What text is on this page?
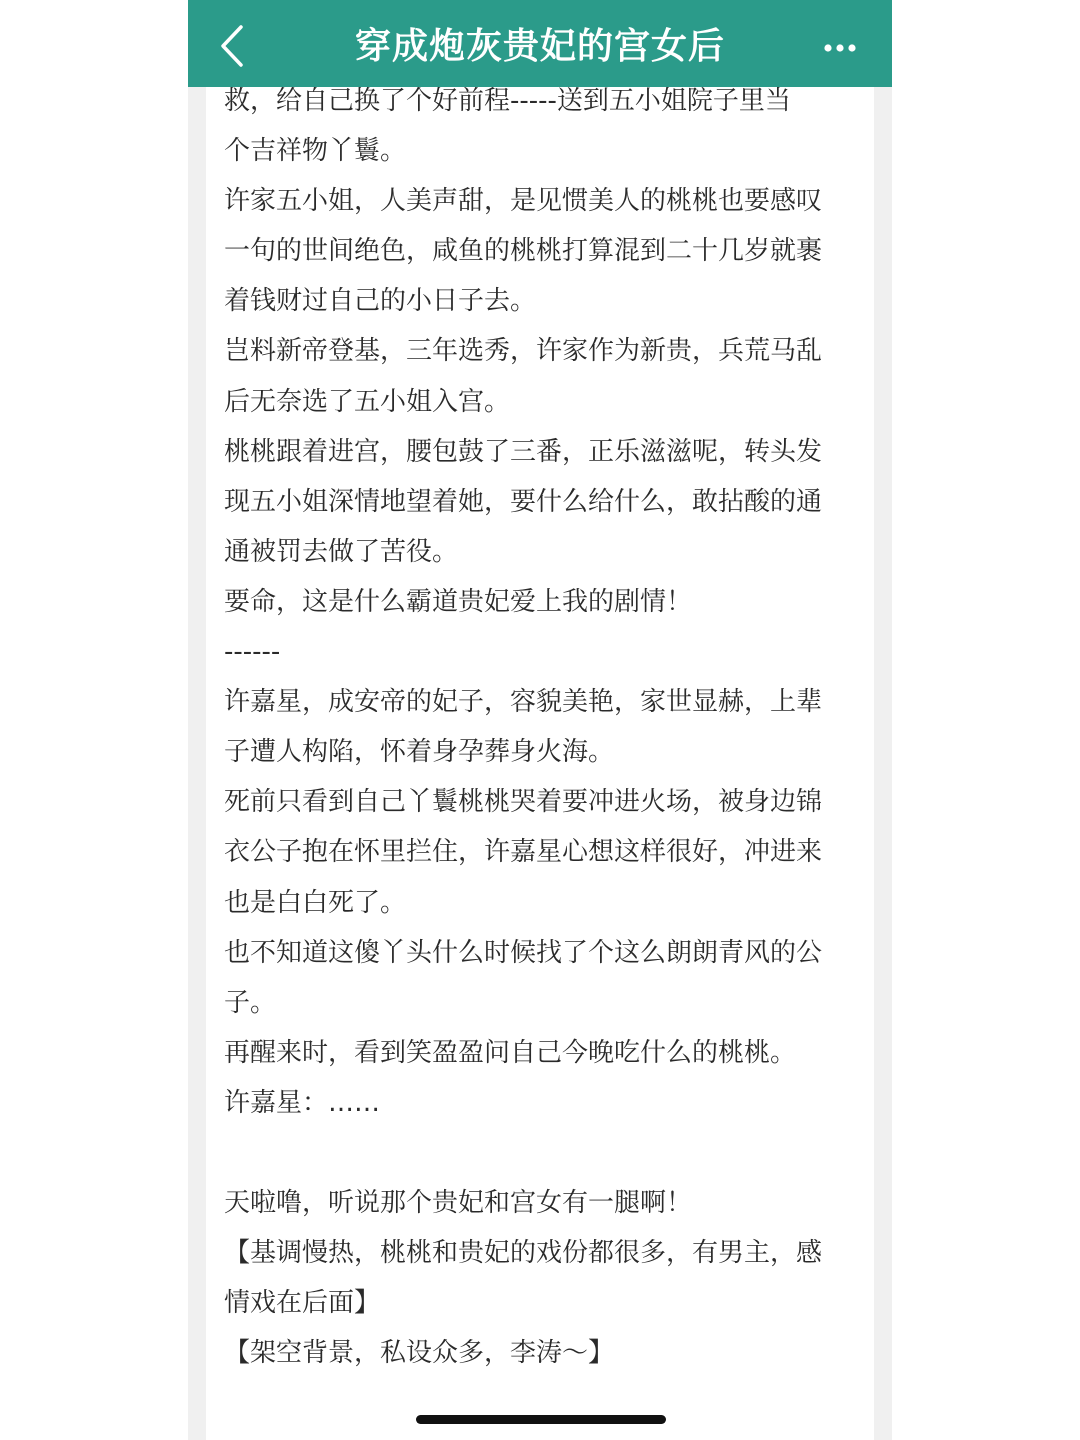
穿成炮灰贵妃的宫女后
救，给自己换了个好前程-----送到五小姐院子里当
个吉祥物丫鬟。
许家五小姐，人美声甜，是见惯美人的桃桃也要感叹
一句的世间绝色，咸鱼的桃桃打算混到二十几岁就裹
着钱财过自己的小日子去。
岂料新帝登基，三年选秀，许家作为新贵，兵荒马乱
后无奈选了五小姐入宫。
桃桃跟着进宫，腰包鼓了三番，正乐滋滋呢，转头发
现五小姐深情地望着她，要什么给什么，敢拈酸的通
通被罚去做了苦役。
要命，这是什么霸道贵妃爱上我的剧情！
------
许嘉星，成安帝的妃子，容貌美艳，家世显赫，上辈
子遭人构陷，怀着身孕葬身火海。
死前只看到自己丫鬟桃桃哭着要冲进火场，被身边锦
衣公子抱在怀里拦住，许嘉星心想这样很好，冲进来
也是白白死了。
也不知道这傻丫头什么时候找了个这么朗朗青风的公
子。
再醒来时，看到笑盈盈问自己今晚吃什么的桃桃。
许嘉星：……
天啦噜，听说那个贵妃和宫女有一腿啊！
【基调慢热，桃桃和贵妃的戏份都很多，有男主，感
情戏在后面】
【架空背景，私设众多，李涛～】
